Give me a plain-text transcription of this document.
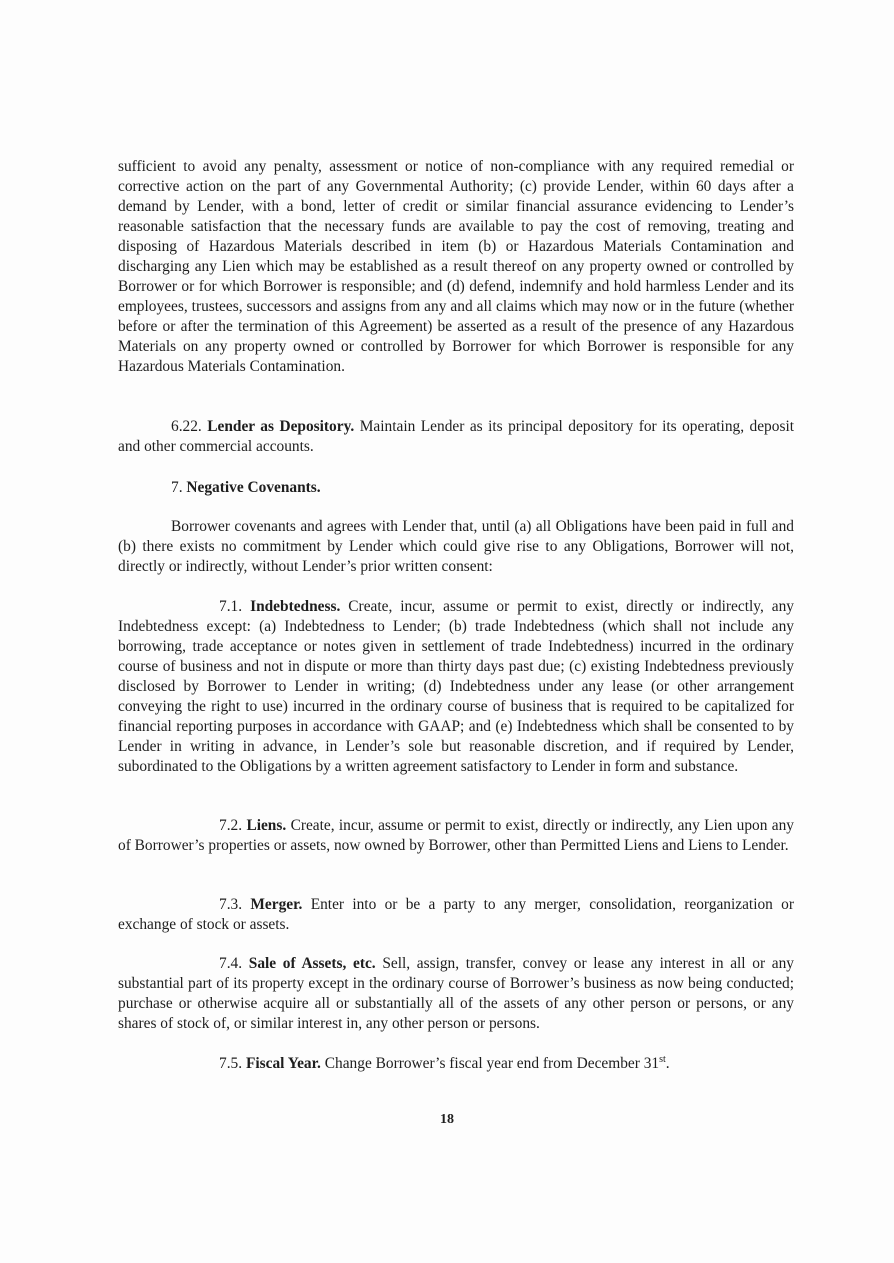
sufficient to avoid any penalty, assessment or notice of non-compliance with any required remedial or corrective action on the part of any Governmental Authority; (c) provide Lender, within 60 days after a demand by Lender, with a bond, letter of credit or similar financial assurance evidencing to Lender’s reasonable satisfaction that the necessary funds are available to pay the cost of removing, treating and disposing of Hazardous Materials described in item (b) or Hazardous Materials Contamination and discharging any Lien which may be established as a result thereof on any property owned or controlled by Borrower or for which Borrower is responsible; and (d) defend, indemnify and hold harmless Lender and its employees, trustees, successors and assigns from any and all claims which may now or in the future (whether before or after the termination of this Agreement) be asserted as a result of the presence of any Hazardous Materials on any property owned or controlled by Borrower for which Borrower is responsible for any Hazardous Materials Contamination.

6.22. Lender as Depository. Maintain Lender as its principal depository for its operating, deposit and other commercial accounts.

7. Negative Covenants.

Borrower covenants and agrees with Lender that, until (a) all Obligations have been paid in full and (b) there exists no commitment by Lender which could give rise to any Obligations, Borrower will not, directly or indirectly, without Lender’s prior written consent:

7.1. Indebtedness. Create, incur, assume or permit to exist, directly or indirectly, any Indebtedness except: (a) Indebtedness to Lender; (b) trade Indebtedness (which shall not include any borrowing, trade acceptance or notes given in settlement of trade Indebtedness) incurred in the ordinary course of business and not in dispute or more than thirty days past due; (c) existing Indebtedness previously disclosed by Borrower to Lender in writing; (d) Indebtedness under any lease (or other arrangement conveying the right to use) incurred in the ordinary course of business that is required to be capitalized for financial reporting purposes in accordance with GAAP; and (e) Indebtedness which shall be consented to by Lender in writing in advance, in Lender’s sole but reasonable discretion, and if required by Lender, subordinated to the Obligations by a written agreement satisfactory to Lender in form and substance.

7.2. Liens. Create, incur, assume or permit to exist, directly or indirectly, any Lien upon any of Borrower’s properties or assets, now owned by Borrower, other than Permitted Liens and Liens to Lender.

7.3. Merger. Enter into or be a party to any merger, consolidation, reorganization or exchange of stock or assets.

7.4. Sale of Assets, etc. Sell, assign, transfer, convey or lease any interest in all or any substantial part of its property except in the ordinary course of Borrower’s business as now being conducted; purchase or otherwise acquire all or substantially all of the assets of any other person or persons, or any shares of stock of, or similar interest in, any other person or persons.

7.5. Fiscal Year. Change Borrower’s fiscal year end from December 31st.

18
